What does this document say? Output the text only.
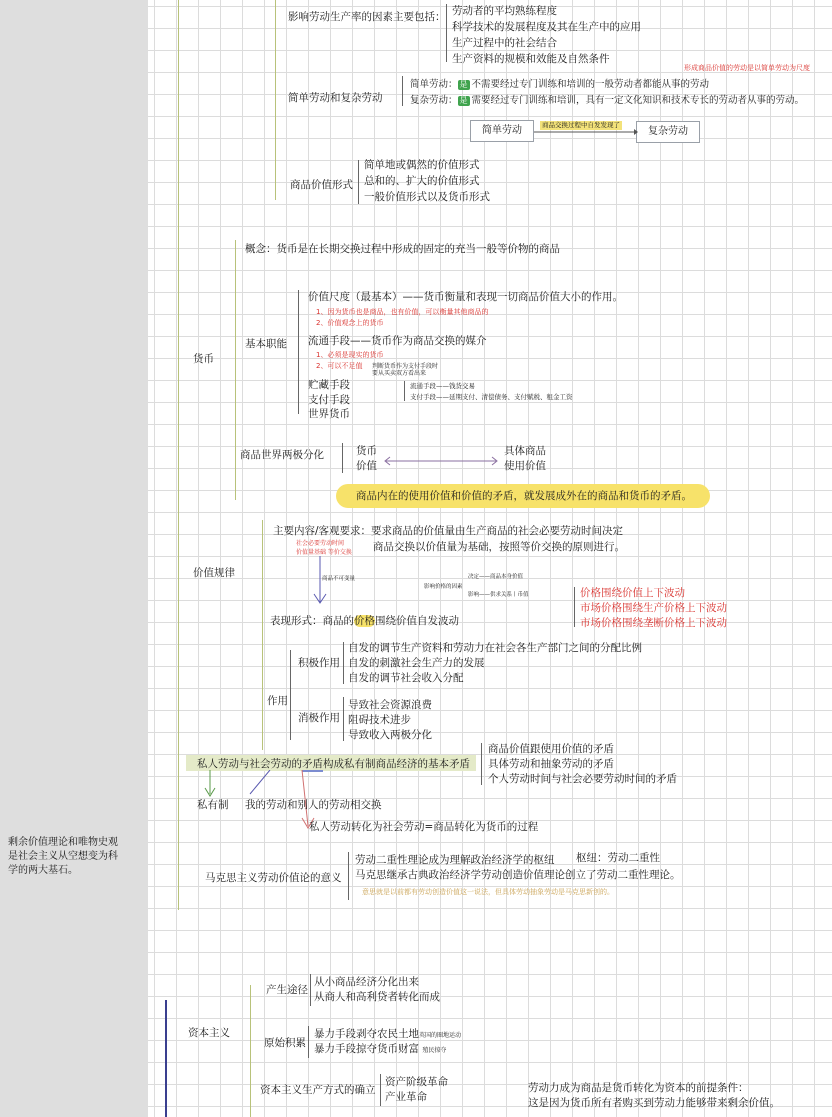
剩余价值理论和唯物史观
是社会主义从空想变为科
学的两大基石。
影响劳动生产率的因素主要包括： 劳动者的平均熟练程度
科学技术的发展程度及其在生产中的应用
生产过程中的社会结合
生产资料的规模和效能及自然条件
形成商品价值的劳动是以简单劳动为尺度
简单劳动和复杂劳动
简单劳动： 是 不需要经过专门训练和培训的一般劳动者都能从事的劳动
复杂劳动： 是 需要经过专门训练和培训，具有一定文化知识和技术专长的劳动者从事的劳动。
简单劳动	复杂劳动
商品交换过程中自发发现了
商品价值形式
简单地或偶然的价值形式
总和的、扩大的价值形式
一般价值形式以及货币形式
货币
概念：货币是在长期交换过程中形成的固定的充当一般等价物的商品
基本职能
价值尺度（最基本）——货币衡量和表现一切商品价值大小的作用。
1、因为货币也是商品，也有价值，可以衡量其他商品的
2、价值观念上的货币
流通手段——货币作为商品交换的媒介
1、必须是现实的货币
2、可以不足值
贮藏手段
支付手段
世界货币
判断货币作为支付手段时
要从买卖双方看出来
流通手段——钱货交易
支付手段——延期支付、清偿债务、支付赋税、租金工资
商品世界两极分化	货币
价值
具体商品
使用价值
商品内在的使用价值和价值的矛盾，就发展成外在的商品和货币的矛盾。
价值规律
主要内容/客观要求：要求商品的价值量由生产商品的社会必要劳动时间决定
商品交换以价值量为基础，按照等价交换的原则进行。
社会必要劳动时间
价值量基础 等价交换
商品不可变量
影响价格的因素
决定——商品本身价值
影响——供求关系丨币值
表现形式：商品的价格围绕价值自发波动
价格围绕价值上下波动
市场价格围绕生产价格上下波动
市场价格围绕垄断价格上下波动
作用
积极作用
自发的调节生产资料和劳动力在社会各生产部门之间的分配比例
自发的刺激社会生产力的发展
自发的调节社会收入分配
消极作用
导致社会资源浪费
阻碍技术进步
导致收入两极分化
私人劳动与社会劳动的矛盾构成私有制商品经济的基本矛盾
商品价值跟使用价值的矛盾
具体劳动和抽象劳动的矛盾
个人劳动时间与社会必要劳动时间的矛盾
私有制 我的劳动和别人的劳动相交换
私人劳动转化为社会劳动=商品转化为货币的过程
马克思主义劳动价值论的意义
劳动二重性理论成为理解政治经济学的枢纽 枢纽：劳动二重性
马克思继承古典政治经济学劳动创造价值理论创立了劳动二重性理论。
意思就是以前都有劳动创造价值这一说法，但具体劳动抽象劳动是马克思新创的。
资本主义
产生途径
从小商品经济分化出来
从商人和高利贷者转化而成
原始积累
暴力手段剥夺农民土地英国的圈地运动
暴力手段掠夺货币财富 殖民掠夺
资本主义生产方式的确立
资产阶级革命
产业革命
劳动力成为商品是货币转化为资本的前提条件：
这是因为货币所有者购买到劳动力能够带来剩余价值。
